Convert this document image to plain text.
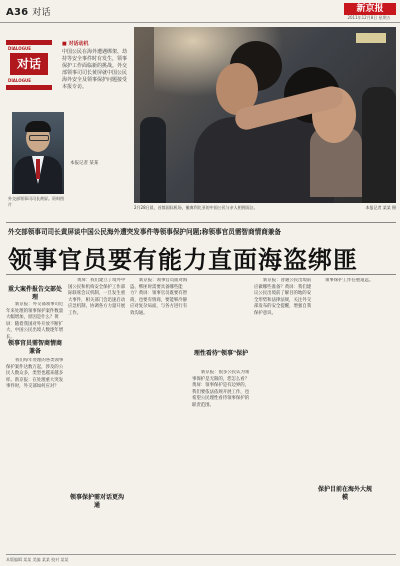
A36 对话	新京报
2011年12月8日 星期五
DIALOGUE
对话
DIALOGUE
■ 对话动机
中国公民在海外遭遇绑架、劫持等安全事件时有发生，领事保护工作面临新的挑战。外交部领事司司长黄屏就中国公民海外安全及领事保护问题接受本报专访。
外交部领事司司长黄屏。资料图片
本报记者 某某
2月28日晨，首都国际机场，撤离利比亚的中国公民与亲人相拥而泣。	本报记者 某某 摄
外交部领事司司长黄屏谈中国公民海外遭突发事件等领事保护问题;称领事官员需智商情商兼备
领事官员要有能力直面海盗绑匪
重大案件报告交部处理

新京报：外交部领事司近年来处理的领事保护案件数量大幅增加，原因是什么？黄屏：随着我国对外开放不断扩大，中国公民出境人数逐年增长。

领事官员需智商情商兼备

我们每年处理的各类领事保护案件达数万起，涉及的公民人数众多，类型也越来越多样。新京报：在处理重大突发事件时，外交部如何应对？

黄屏：我们建立了境外中国公民和机构安全保护工作部际联席会议机制，一旦发生重大事件，相关部门会迅速启动应急机制，协调各方力量开展工作。

新京报：领事官员面对海盗、绑匪时需要具备哪些能力？黄屏：领事官员既要有智商，也要有情商，要能够冷静应对复杂局面，与各方进行有效沟通。

理性看待"领事"保护

新京报：很多公民认为领事保护是无限的，您怎么看？黄屏：领事保护是有边界的，我们要依法依规开展工作，也希望公民理性看待领事保护的职责范围。

新京报：普通公民出境前应做哪些准备？黄屏：我们建议公民出境前了解目的地的安全形势和法律法规，关注外交部发布的安全提醒，增强自我保护意识。

领事保护工作任重道远。

领事保护需对话更沟通
保护目前在海外大规模
本版编辑 某某 美编 某某 校对 某某
